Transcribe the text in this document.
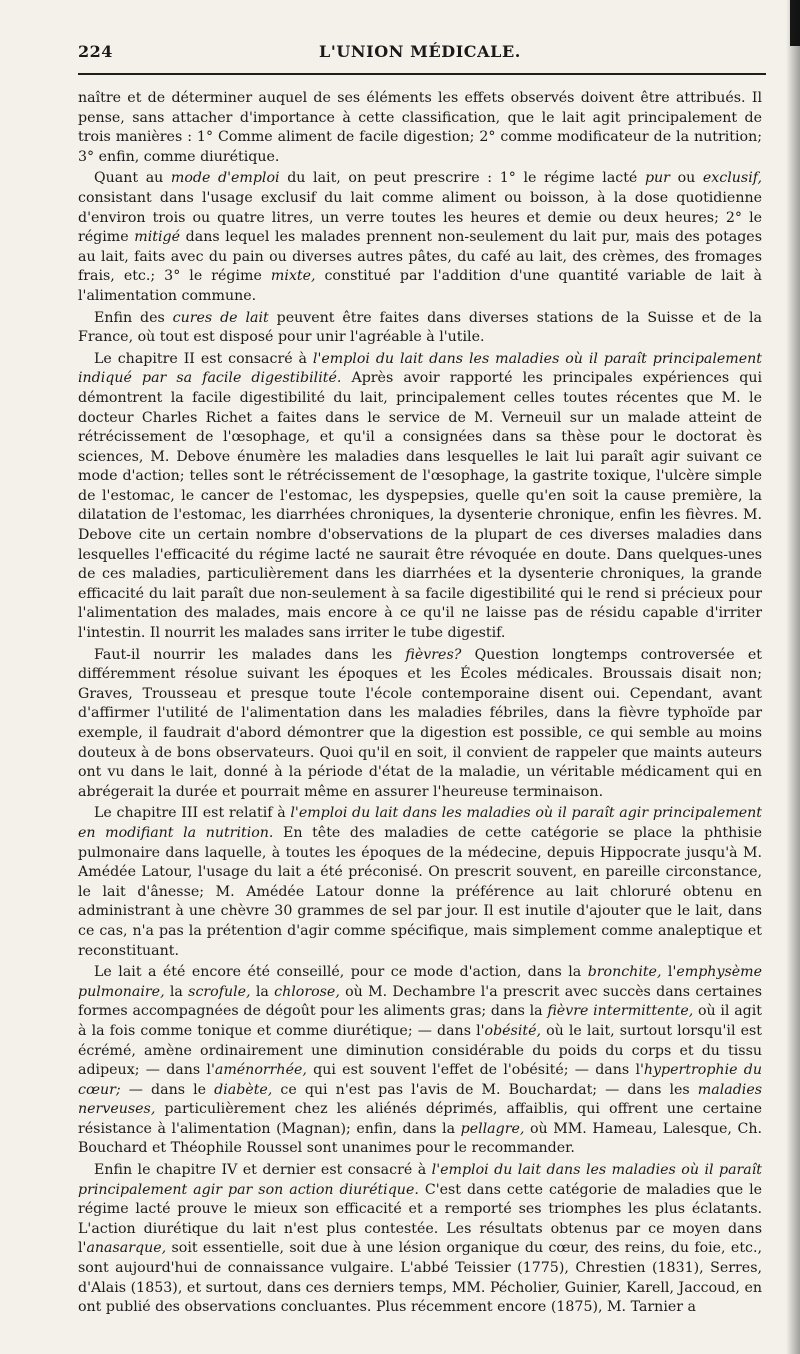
224	L'UNION MÉDICALE.

naître et de déterminer auquel de ses éléments les effets observés doivent être attribués. Il pense, sans attacher d'importance à cette classification, que le lait agit principalement de trois manières : 1° Comme aliment de facile digestion; 2° comme modificateur de la nutrition; 3° enfin, comme diurétique.

Quant au mode d'emploi du lait, on peut prescrire : 1° le régime lacté pur ou exclusif, consistant dans l'usage exclusif du lait comme aliment ou boisson, à la dose quotidienne d'environ trois ou quatre litres, un verre toutes les heures et demie ou deux heures; 2° le régime mitigé dans lequel les malades prennent non-seulement du lait pur, mais des potages au lait, faits avec du pain ou diverses autres pâtes, du café au lait, des crèmes, des fromages frais, etc.; 3° le régime mixte, constitué par l'addition d'une quantité variable de lait à l'alimentation commune.

Enfin des cures de lait peuvent être faites dans diverses stations de la Suisse et de la France, où tout est disposé pour unir l'agréable à l'utile.

Le chapitre II est consacré à l'emploi du lait dans les maladies où il paraît principalement indiqué par sa facile digestibilité. Après avoir rapporté les principales expériences qui démontrent la facile digestibilité du lait, principalement celles toutes récentes que M. le docteur Charles Richet a faites dans le service de M. Verneuil sur un malade atteint de rétrécissement de l'œsophage, et qu'il a consignées dans sa thèse pour le doctorat ès sciences, M. Debove énumère les maladies dans lesquelles le lait lui paraît agir suivant ce mode d'action; telles sont le rétrécissement de l'œsophage, la gastrite toxique, l'ulcère simple de l'estomac, le cancer de l'estomac, les dyspepsies, quelle qu'en soit la cause première, la dilatation de l'estomac, les diarrhées chroniques, la dysenterie chronique, enfin les fièvres. M. Debove cite un certain nombre d'observations de la plupart de ces diverses maladies dans lesquelles l'efficacité du régime lacté ne saurait être révoquée en doute. Dans quelques-unes de ces maladies, particulièrement dans les diarrhées et la dysenterie chroniques, la grande efficacité du lait paraît due non-seulement à sa facile digestibilité qui le rend si précieux pour l'alimentation des malades, mais encore à ce qu'il ne laisse pas de résidu capable d'irriter l'intestin. Il nourrit les malades sans irriter le tube digestif.

Faut-il nourrir les malades dans les fièvres? Question longtemps controversée et différemment résolue suivant les époques et les Écoles médicales. Broussais disait non; Graves, Trousseau et presque toute l'école contemporaine disent oui. Cependant, avant d'affirmer l'utilité de l'alimentation dans les maladies fébriles, dans la fièvre typhoïde par exemple, il faudrait d'abord démontrer que la digestion est possible, ce qui semble au moins douteux à de bons observateurs. Quoi qu'il en soit, il convient de rappeler que maints auteurs ont vu dans le lait, donné à la période d'état de la maladie, un véritable médicament qui en abrégerait la durée et pourrait même en assurer l'heureuse terminaison.

Le chapitre III est relatif à l'emploi du lait dans les maladies où il paraît agir principalement en modifiant la nutrition. En tête des maladies de cette catégorie se place la phthisie pulmonaire dans laquelle, à toutes les époques de la médecine, depuis Hippocrate jusqu'à M. Amédée Latour, l'usage du lait a été préconisé. On prescrit souvent, en pareille circonstance, le lait d'ânesse; M. Amédée Latour donne la préférence au lait chloruré obtenu en administrant à une chèvre 30 grammes de sel par jour. Il est inutile d'ajouter que le lait, dans ce cas, n'a pas la prétention d'agir comme spécifique, mais simplement comme analeptique et reconstituant.

Le lait a été encore été conseillé, pour ce mode d'action, dans la bronchite, l'emphysème pulmonaire, la scrofule, la chlorose, où M. Dechambre l'a prescrit avec succès dans certaines formes accompagnées de dégoût pour les aliments gras; dans la fièvre intermittente, où il agit à la fois comme tonique et comme diurétique; — dans l'obésité, où le lait, surtout lorsqu'il est écrémé, amène ordinairement une diminution considérable du poids du corps et du tissu adipeux; — dans l'aménorrhée, qui est souvent l'effet de l'obésité; — dans l'hypertrophie du cœur; — dans le diabète, ce qui n'est pas l'avis de M. Bouchardat; — dans les maladies nerveuses, particulièrement chez les aliénés déprimés, affaiblis, qui offrent une certaine résistance à l'alimentation (Magnan); enfin, dans la pellagre, où MM. Hameau, Lalesque, Ch. Bouchard et Théophile Roussel sont unanimes pour le recommander.

Enfin le chapitre IV et dernier est consacré à l'emploi du lait dans les maladies où il paraît principalement agir par son action diurétique. C'est dans cette catégorie de maladies que le régime lacté prouve le mieux son efficacité et a remporté ses triomphes les plus éclatants. L'action diurétique du lait n'est plus contestée. Les résultats obtenus par ce moyen dans l'anasarque, soit essentielle, soit due à une lésion organique du cœur, des reins, du foie, etc., sont aujourd'hui de connaissance vulgaire. L'abbé Teissier (1775), Chrestien (1831), Serres, d'Alais (1853), et surtout, dans ces derniers temps, MM. Pécholier, Guinier, Karell, Jaccoud, en ont publié des observations concluantes. Plus récemment encore (1875), M. Tarnier a
